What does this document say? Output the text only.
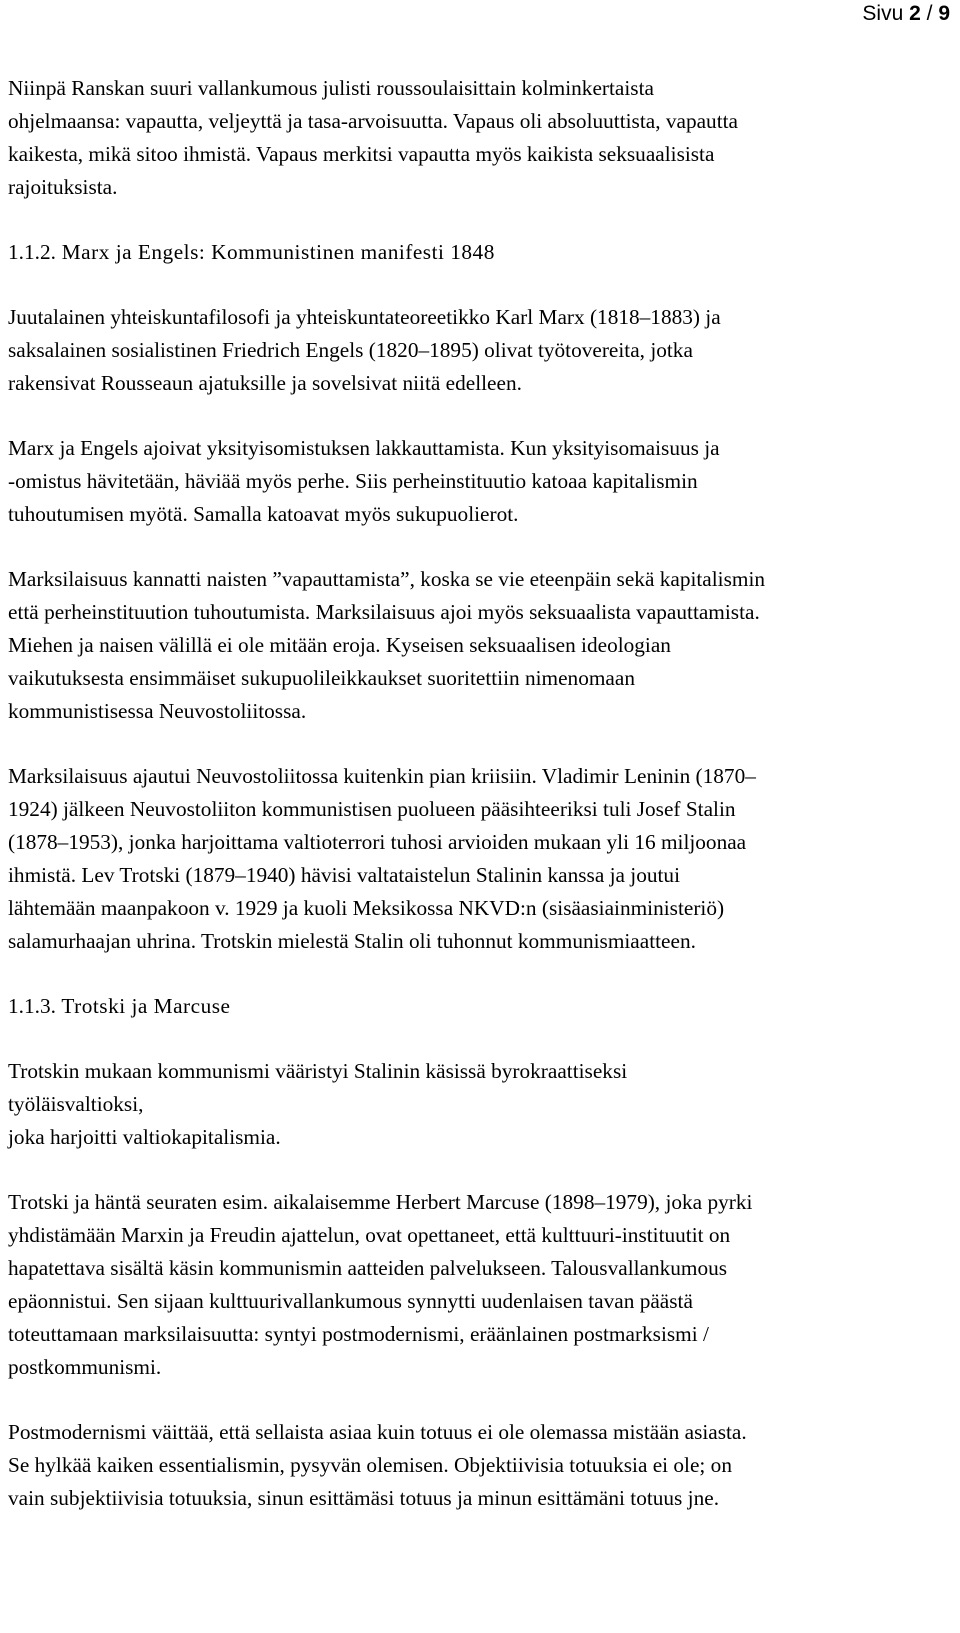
Sivu 2 / 9

Niinpä Ranskan suuri vallankumous julisti roussoulaisittain kolminkertaista
ohjelmaansa: vapautta, veljeyttä ja tasa-arvoisuutta. Vapaus oli absoluuttista, vapautta
kaikesta, mikä sitoo ihmistä. Vapaus merkitsi vapautta myös kaikista seksuaalisista
rajoituksista.

1.1.2. Marx ja Engels: Kommunistinen manifesti 1848

Juutalainen yhteiskuntafilosofi ja yhteiskuntateoreetikko Karl Marx (1818–1883) ja
saksalainen sosialistinen Friedrich Engels (1820–1895) olivat työtovereita, jotka
rakensivat Rousseaun ajatuksille ja sovelsivat niitä edelleen.

Marx ja Engels ajoivat yksityisomistuksen lakkauttamista. Kun yksityisomaisuus ja
-omistus hävitetään, häviää myös perhe. Siis perheinstituutio katoaa kapitalismin
tuhoutumisen myötä. Samalla katoavat myös sukupuolierot.

Marksilaisuus kannatti naisten ”vapauttamista”, koska se vie eteenpäin sekä kapitalismin
että perheinstituution tuhoutumista. Marksilaisuus ajoi myös seksuaalista vapauttamista.
Miehen ja naisen välillä ei ole mitään eroja. Kyseisen seksuaalisen ideologian
vaikutuksesta ensimmäiset sukupuolileikkaukset suoritettiin nimenomaan
kommunistisessa Neuvostoliitossa.

Marksilaisuus ajautui Neuvostoliitossa kuitenkin pian kriisiin. Vladimir Leninin (1870–
1924) jälkeen Neuvostoliiton kommunistisen puolueen pääsihteeriksi tuli Josef Stalin
(1878–1953), jonka harjoittama valtioterrori tuhosi arvioiden mukaan yli 16 miljoonaa
ihmistä. Lev Trotski (1879–1940) hävisi valtataistelun Stalinin kanssa ja joutui
lähtemään maanpakoon v. 1929 ja kuoli Meksikossa NKVD:n (sisäasiainministeriö)
salamurhaajan uhrina. Trotskin mielestä Stalin oli tuhonnut kommunismiaatteen.

1.1.3. Trotski ja Marcuse

Trotskin mukaan kommunismi vääristyi Stalinin käsissä byrokraattiseksi
työläisvaltioksi,
joka harjoitti valtiokapitalismia.

Trotski ja häntä seuraten esim. aikalaisemme Herbert Marcuse (1898–1979), joka pyrki
yhdistämään Marxin ja Freudin ajattelun, ovat opettaneet, että kulttuuri-instituutit on
hapatettava sisältä käsin kommunismin aatteiden palvelukseen. Talousvallankumous
epäonnistui. Sen sijaan kulttuurivallankumous synnytti uudenlaisen tavan päästä
toteuttamaan marksilaisuutta: syntyi postmodernismi, eräänlainen postmarksismi /
postkommunismi.

Postmodernismi väittää, että sellaista asiaa kuin totuus ei ole olemassa mistään asiasta.
Se hylkää kaiken essentialismin, pysyvän olemisen. Objektiivisia totuuksia ei ole; on
vain subjektiivisia totuuksia, sinun esittämäsi totuus ja minun esittämäni totuus jne.
